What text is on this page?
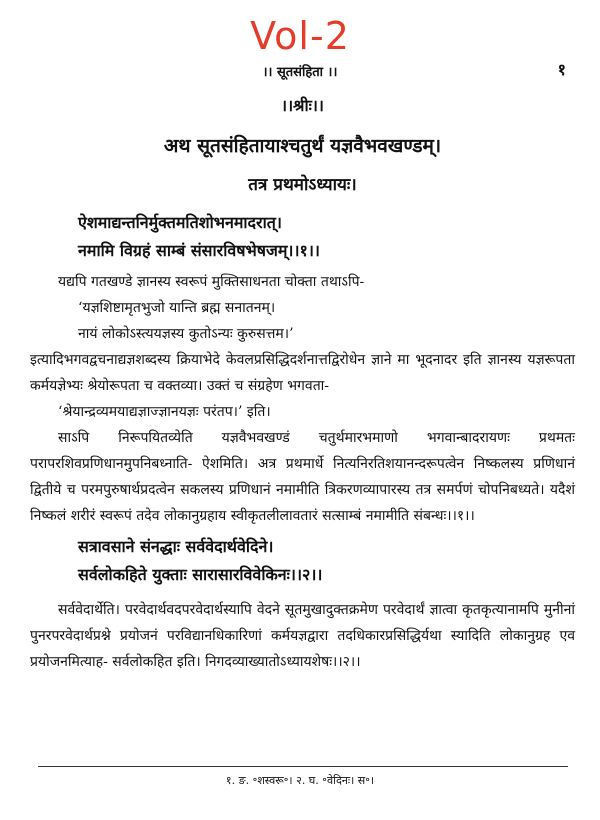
Vol-2
।। सूतसंहिता ।।	१
।।श्रीः।।
अथ सूतसंहितायाश्चतुर्थं यज्ञवैभवखण्डम्।
तत्र प्रथमोऽध्यायः।
ऐशमाद्यन्तनिर्मुक्तमतिशोभनमादरात्।
नमामि विग्रहं साम्बं संसारविषभेषजम्।।१।।
यद्यपि गतखण्डे ज्ञानस्य स्वरूपं मुक्तिसाधनता चोक्ता तथाऽपि-
‘यज्ञशिष्टामृतभुजो यान्ति ब्रह्म सनातनम्।
नायं लोकोऽस्त्ययज्ञस्य कुतोऽन्यः कुरुसत्तम।’
इत्यादिभगवद्वचनाद्यज्ञशब्दस्य क्रियाभेदे केवलप्रसिद्धिदर्शनात्तद्विरोधेन ज्ञाने मा भूदनादर इति ज्ञानस्य यज्ञरूपता कर्मयज्ञेभ्यः श्रेयोरूपता च वक्तव्या। उक्तं च संग्रहेण भगवता-
‘श्रेयान्द्रव्यमयाद्यज्ञाज्ज्ञानयज्ञः परंतप।’ इति।
साऽपि निरूपयितव्येति यज्ञवैभवखण्डं चतुर्थमारभमाणो भगवान्बादरायणः प्रथमतः परापरशिवप्रणिधानमुपनिबध्नाति- ऐशमिति। अत्र प्रथमार्धे नित्यनिरतिशयानन्दरूपत्वेन निष्कलस्य प्रणिधानं द्वितीये च परमपुरुषार्थप्रदत्वेन सकलस्य प्रणिधानं नमामीति त्रिकरणव्यापारस्य तत्र समर्पणं चोपनिबध्यते। यदैशं निष्कलं शरीरं स्वरूपं तदेव लोकानुग्रहाय स्वीकृतलीलावतारं सत्साम्बं नमामीति संबन्धः।।१।।
सत्रावसाने संनद्धाः सर्ववेदार्थवेदिने।
सर्वलोकहिते युक्ताः सारासारविवेकिनः।।२।।
सर्ववेदार्थेति। परवेदार्थवदपरवेदार्थस्यापि वेदने सूतमुखादुक्तक्रमेण परवेदार्थं ज्ञात्वा कृतकृत्यानामपि मुनीनां पुनरपरवेदार्थप्रश्ने प्रयोजनं परविद्यानधिकारिणां कर्मयज्ञद्वारा तदधिकारप्रसिद्धिर्यथा स्यादिति लोकानुग्रह एव प्रयोजनमित्याह- सर्वलोकहित इति। निगदव्याख्यातोऽध्यायशेषः।।२।।
१. ङ. ॰शस्वरू॰। २. घ. ॰वेदिनः। स॰।
